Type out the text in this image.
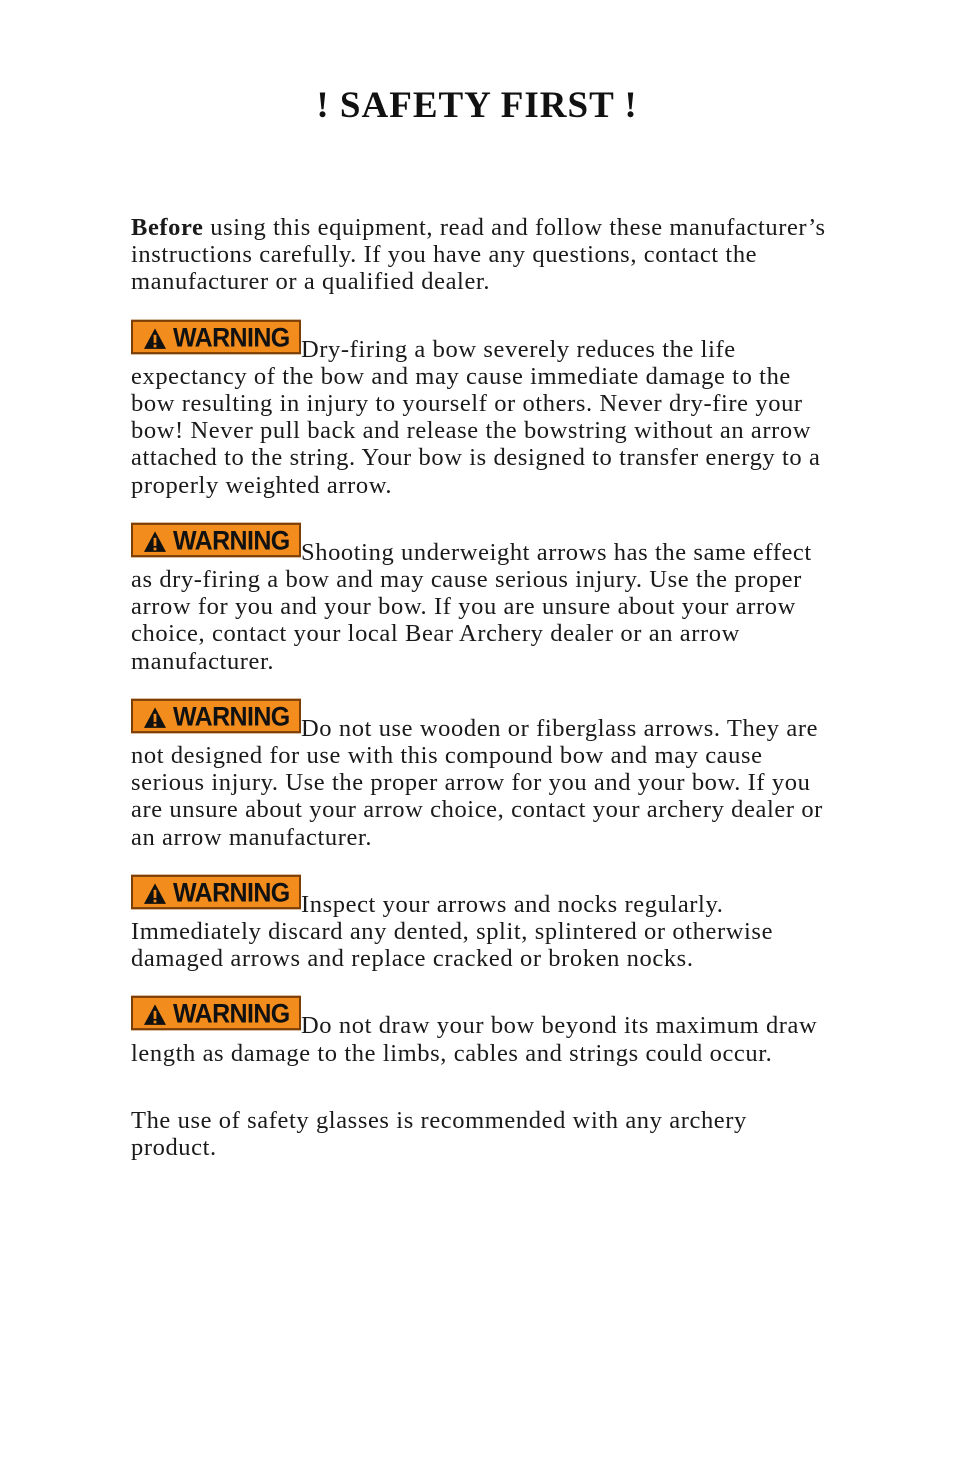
! SAFETY FIRST !

Before using this equipment, read and follow these manufacturer’s instructions carefully. If you have any questions, contact the manufacturer or a qualified dealer.

WARNING Dry-firing a bow severely reduces the life expectancy of the bow and may cause immediate damage to the bow resulting in injury to yourself or others. Never dry-fire your bow! Never pull back and release the bowstring without an arrow attached to the string. Your bow is designed to transfer energy to a properly weighted arrow.

WARNING Shooting underweight arrows has the same effect as dry-firing a bow and may cause serious injury. Use the proper arrow for you and your bow. If you are unsure about your arrow choice, contact your local Bear Archery dealer or an arrow manufacturer.

WARNING Do not use wooden or fiberglass arrows. They are not designed for use with this compound bow and may cause serious injury. Use the proper arrow for you and your bow. If you are unsure about your arrow choice, contact your archery dealer or an arrow manufacturer.

WARNING Inspect your arrows and nocks regularly. Immediately discard any dented, split, splintered or otherwise damaged arrows and replace cracked or broken nocks.

WARNING Do not draw your bow beyond its maximum draw length as damage to the limbs, cables and strings could occur.

The use of safety glasses is recommended with any archery product.
